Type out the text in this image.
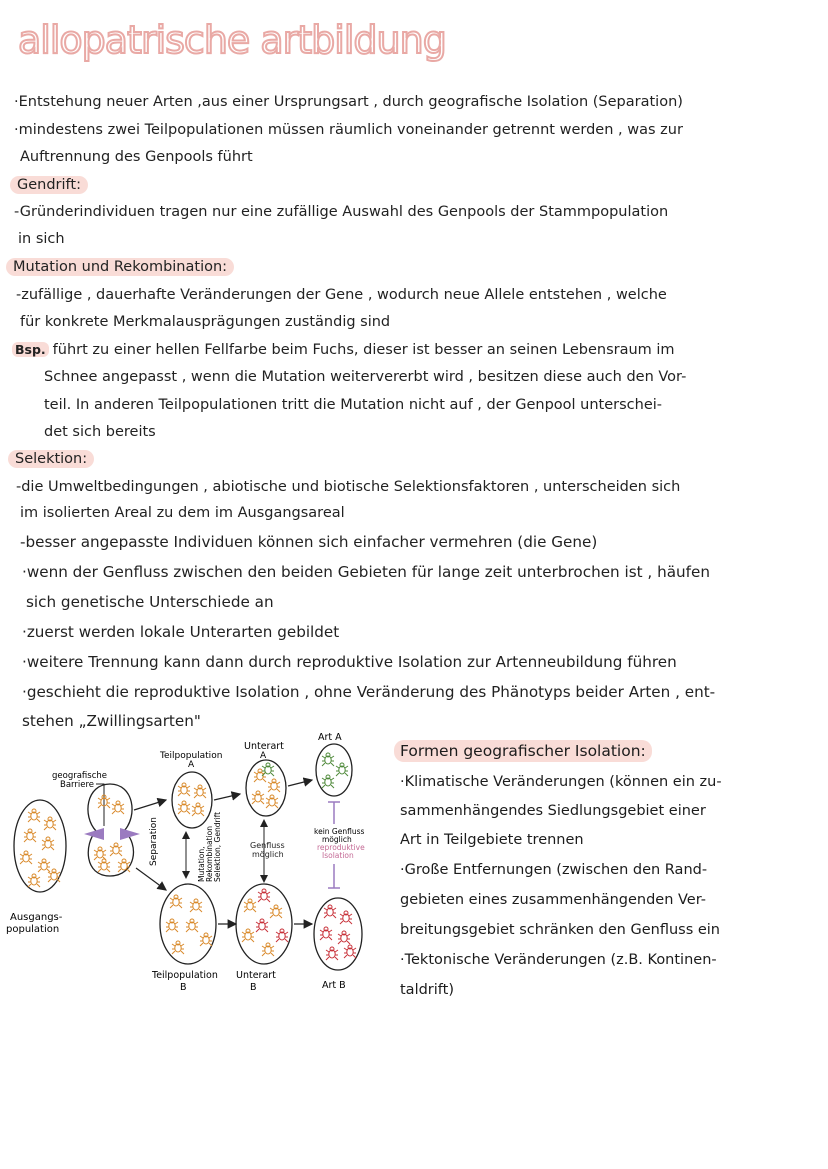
allopatrische artbildung
·Entstehung neuer Arten ,aus einer Ursprungsart , durch geografische Isolation (Separation)
·mindestens zwei Teilpopulationen müssen räumlich voneinander getrennt werden , was zur
Auftrennung des Genpools führt
Gendrift:
-Gründerindividuen tragen nur eine zufällige Auswahl des Genpools der Stammpopulation
in sich
Mutation und Rekombination:
-zufällige , dauerhafte Veränderungen der Gene , wodurch neue Allele entstehen , welche
für konkrete Merkmalausprägungen zuständig sind
Bsp. führt zu einer hellen Fellfarbe beim Fuchs, dieser ist besser an seinen Lebensraum im
Schnee angepasst , wenn die Mutation weitervererbt wird , besitzen diese auch den Vor-
teil. In anderen Teilpopulationen tritt die Mutation nicht auf , der Genpool unterschei-
det sich bereits
Selektion:
-die Umweltbedingungen , abiotische und biotische Selektionsfaktoren , unterscheiden sich
im isolierten Areal zu dem im Ausgangsareal
-besser angepasste Individuen können sich einfacher vermehren (die Gene)
·wenn der Genfluss zwischen den beiden Gebieten für lange zeit unterbrochen ist , häufen
sich genetische Unterschiede an
·zuerst werden lokale Unterarten gebildet
·weitere Trennung kann dann durch reproduktive Isolation zur Artenneubildung führen
·geschieht die reproduktive Isolation , ohne Veränderung des Phänotyps beider Arten , ent-
stehen „Zwillingsarten"
Ausgangs-
population
geografische
Barriere
Separation
Teilpopulation
A
Mutation, Rekombination Selektion, Gendrift
Teilpopulation
B
Unterart
A
Genfluss
möglich
Unterart
B
Art A
kein Genfluss
möglich
reproduktive
Isolation
Art B
Formen geografischer Isolation:
·Klimatische Veränderungen (können ein zu-
sammenhängendes Siedlungsgebiet einer
Art in Teilgebiete trennen
·Große Entfernungen (zwischen den Rand-
gebieten eines zusammenhängenden Ver-
breitungsgebiet schränken den Genfluss ein
·Tektonische Veränderungen (z.B. Kontinen-
taldrift)
